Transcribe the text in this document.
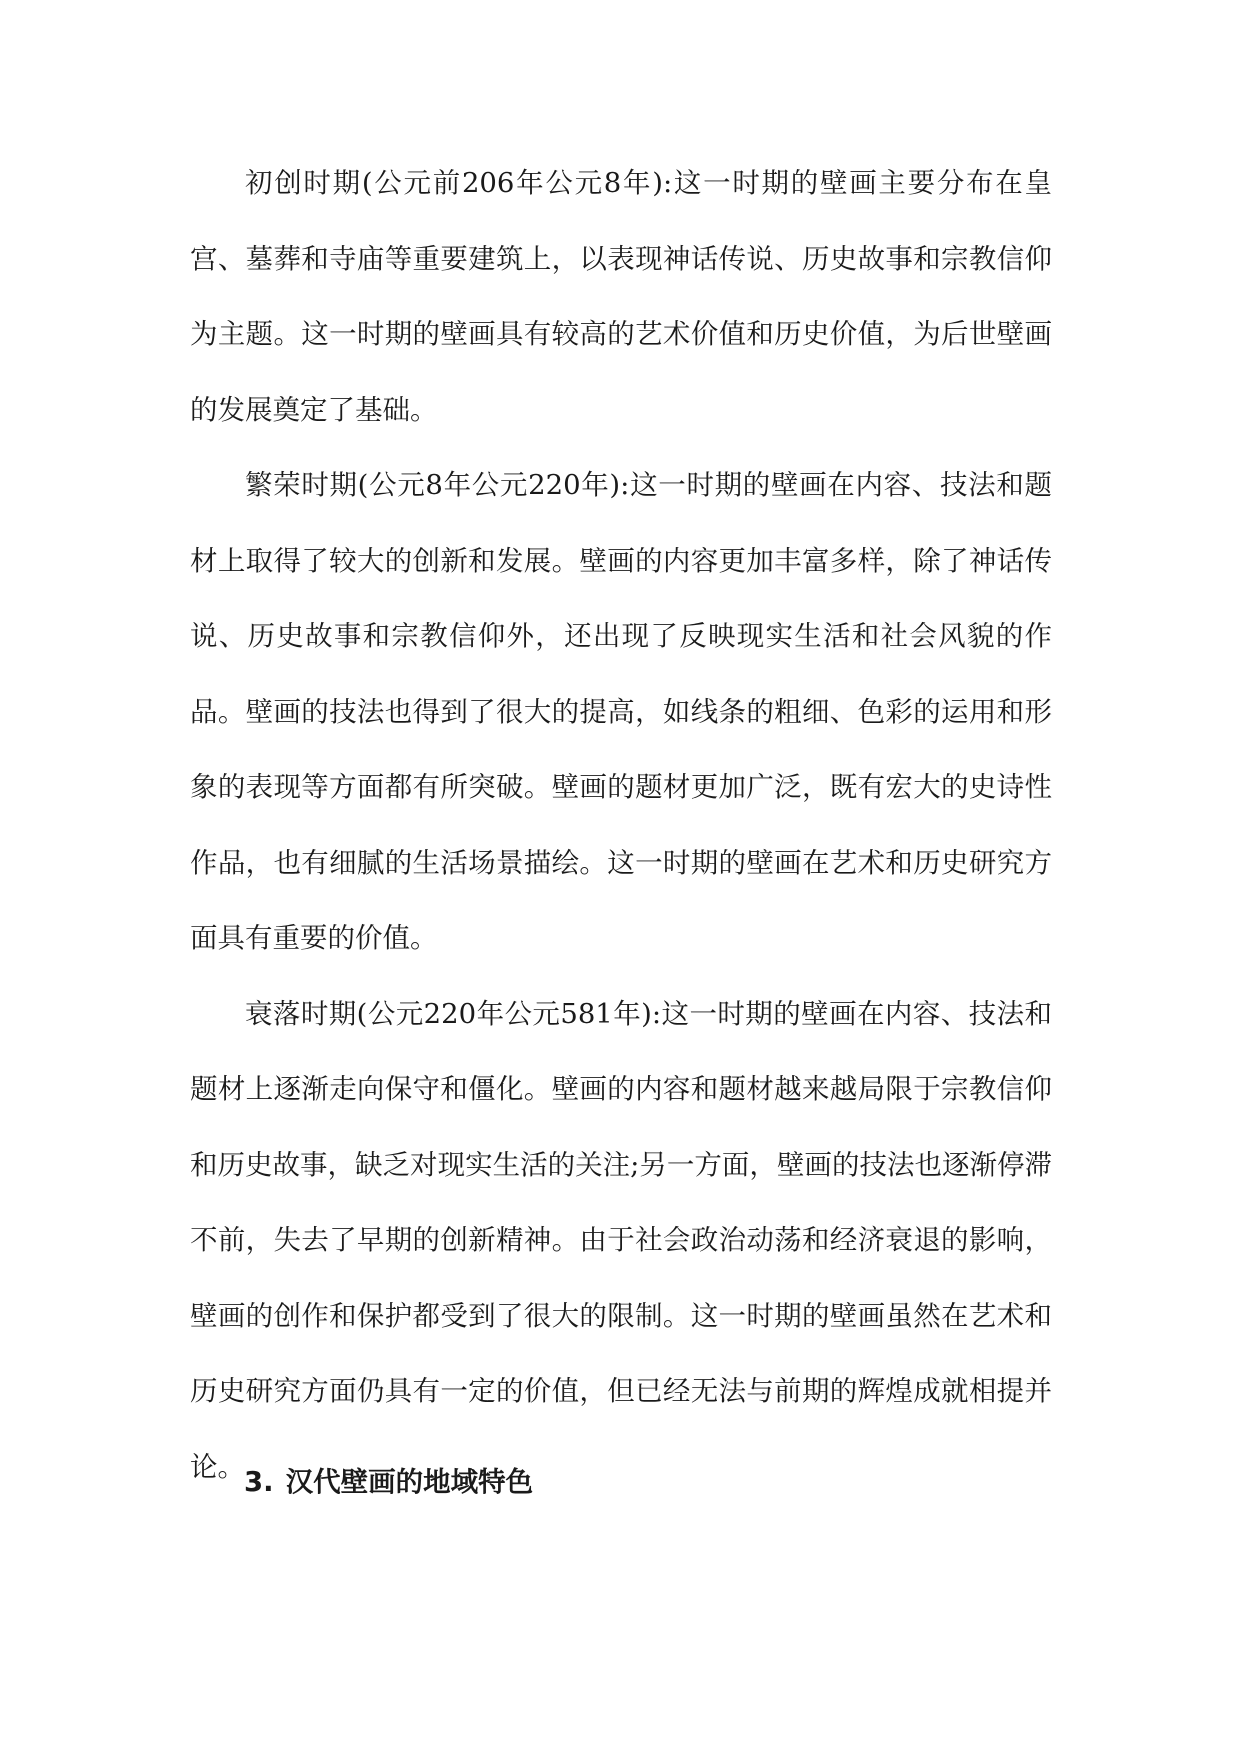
初创时期(公元前206年公元8年):这一时期的壁画主要分布在皇宫、墓葬和寺庙等重要建筑上，以表现神话传说、历史故事和宗教信仰为主题。这一时期的壁画具有较高的艺术价值和历史价值，为后世壁画的发展奠定了基础。

繁荣时期(公元8年公元220年):这一时期的壁画在内容、技法和题材上取得了较大的创新和发展。壁画的内容更加丰富多样，除了神话传说、历史故事和宗教信仰外，还出现了反映现实生活和社会风貌的作品。壁画的技法也得到了很大的提高，如线条的粗细、色彩的运用和形象的表现等方面都有所突破。壁画的题材更加广泛，既有宏大的史诗性作品，也有细腻的生活场景描绘。这一时期的壁画在艺术和历史研究方面具有重要的价值。

衰落时期(公元220年公元581年):这一时期的壁画在内容、技法和题材上逐渐走向保守和僵化。壁画的内容和题材越来越局限于宗教信仰和历史故事，缺乏对现实生活的关注;另一方面，壁画的技法也逐渐停滞不前，失去了早期的创新精神。由于社会政治动荡和经济衰退的影响，壁画的创作和保护都受到了很大的限制。这一时期的壁画虽然在艺术和历史研究方面仍具有一定的价值，但已经无法与前期的辉煌成就相提并论。 3. 汉代壁画的地域特色
